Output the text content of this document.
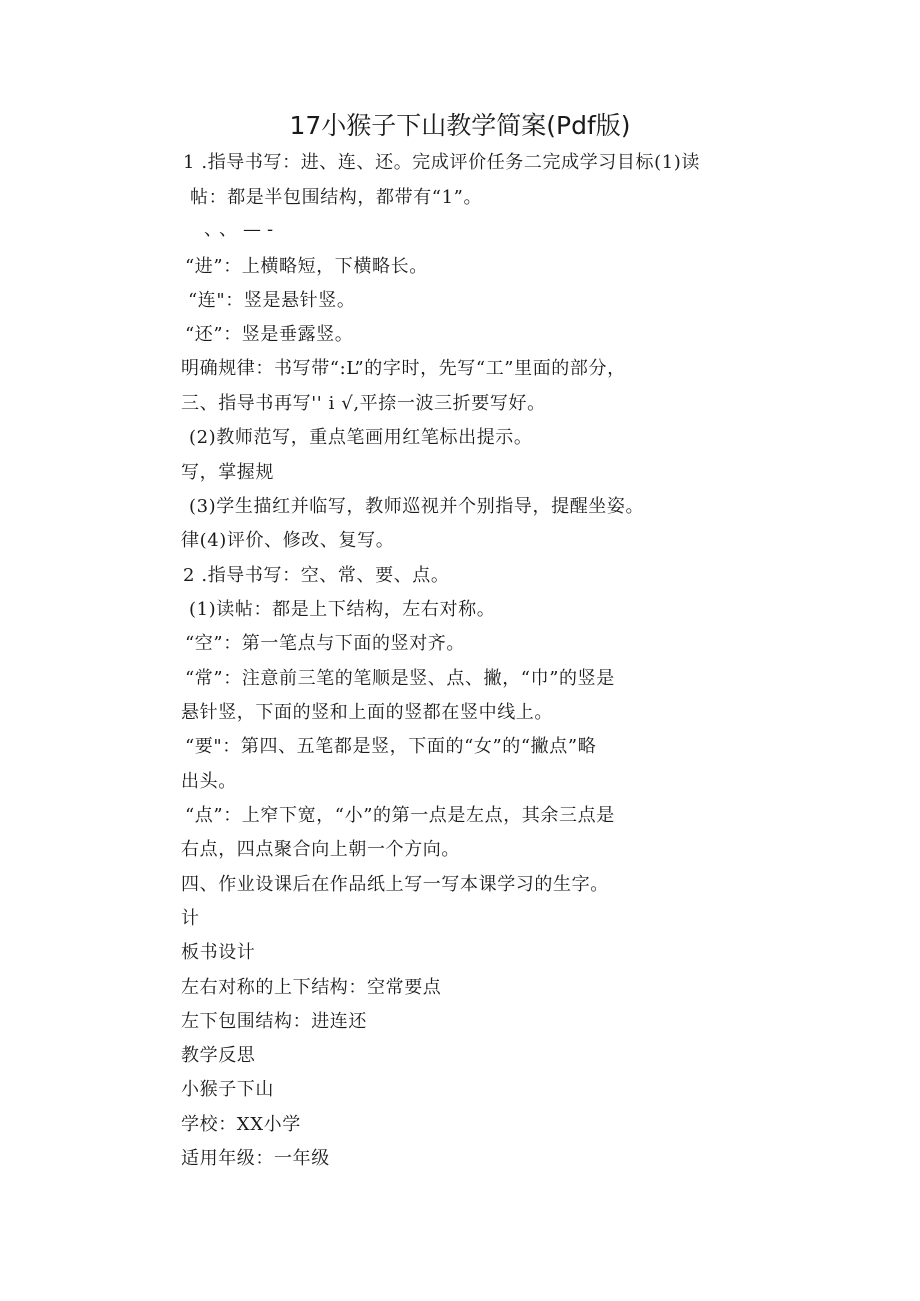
17小猴子下山教学简案(Pdf版)
1 .指导书写：进、连、还。完成评价任务二完成学习目标(1)读
帖：都是半包围结构，都带有“1”。
、、—-
“进”：上横略短，下横略长。
“连"：竖是悬针竖。
“还”：竖是垂露竖。
明确规律：书写带“:L”的字时，先写“工”里面的部分，
三、指导书再写'' i √,平捺一波三折要写好。
(2)教师范写，重点笔画用红笔标出提示。
写，掌握规
(3)学生描红并临写，教师巡视并个别指导，提醒坐姿。
律(4)评价、修改、复写。
2 .指导书写：空、常、要、点。
(1)读帖：都是上下结构，左右对称。
“空”：第一笔点与下面的竖对齐。
“常”：注意前三笔的笔顺是竖、点、撇，“巾”的竖是
悬针竖，下面的竖和上面的竖都在竖中线上。
“要"：第四、五笔都是竖，下面的“女”的“撇点”略
出头。
“点”：上窄下宽，“小”的第一点是左点，其余三点是
右点，四点聚合向上朝一个方向。
四、作业设课后在作品纸上写一写本课学习的生字。
计
板书设计
左右对称的上下结构：空常要点
左下包围结构：进连还
教学反思
小猴子下山
学校：XX小学
适用年级：一年级
